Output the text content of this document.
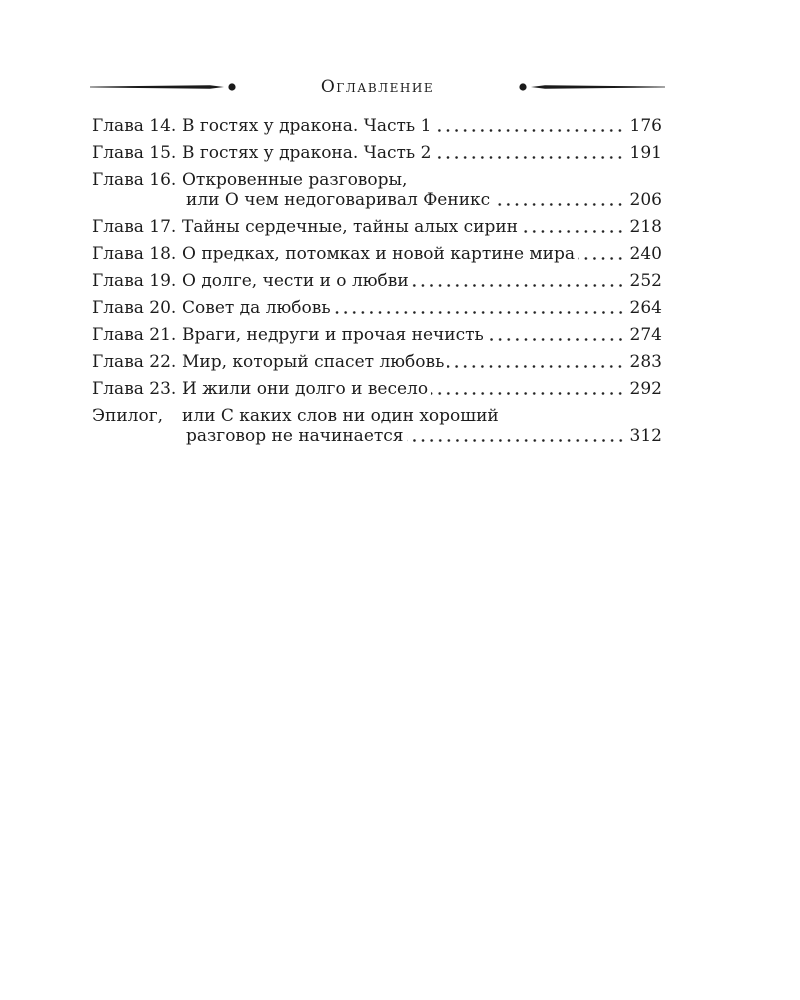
Оглавление
Глава 14. В гостях у дракона. Часть 1	176
Глава 15. В гостях у дракона. Часть 2	191
Глава 16. Откровенные разговоры,
или О чем недоговаривал Феникс	206
Глава 17. Тайны сердечные, тайны алых сирин	218
Глава 18. О предках, потомках и новой картине мира	240
Глава 19. О долге, чести и о любви	252
Глава 20. Совет да любовь	264
Глава 21. Враги, недруги и прочая нечисть	274
Глава 22. Мир, который спасет любовь	283
Глава 23. И жили они долго и весело	292
Эпилог,	или С каких слов ни один хороший
разговор не начинается	312
